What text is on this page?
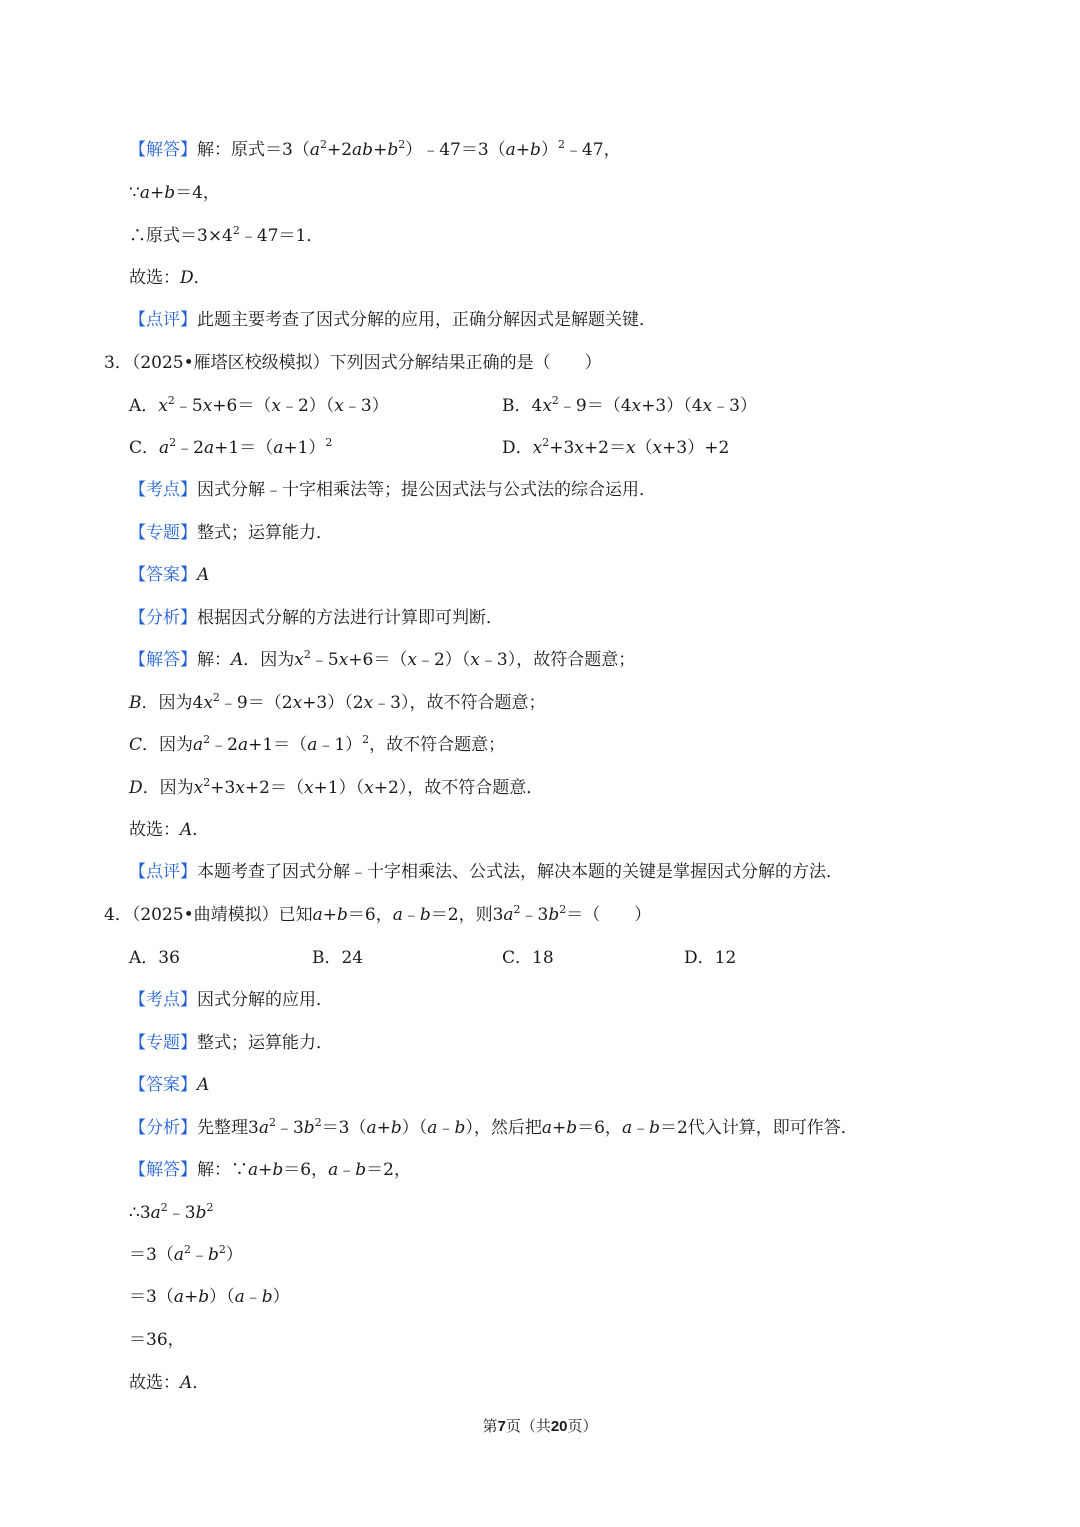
【解答】解：原式$=3(a^2+2ab+b^2)﹣47=3(a+b)^2﹣47$，
∵a+b＝4，
∴原式$=3\times 4^2﹣47=1$．
故选：D．
【点评】此题主要考查了因式分解的应用，正确分解因式是解题关键．
3．（2025•雁塔区校级模拟）下列因式分解结果正确的是（　　）
A．$x^2﹣5x+6=(x﹣2)(x﹣3)$	B．$4x^2﹣9=(4x+3)(4x﹣3)$
C．$a^2﹣2a+1=(a+1)^2$	D．$x^2+3x+2=x(x+3)+2$
【考点】因式分解﹣十字相乘法等；提公因式法与公式法的综合运用．
【专题】整式；运算能力．
【答案】A
【分析】根据因式分解的方法进行计算即可判断．
【解答】解：A．因为$x^2﹣5x+6=(x﹣2)(x﹣3)$，故符合题意；
B．因为$4x^2﹣9=(2x+3)(2x﹣3)$，故不符合题意；
C．因为$a^2﹣2a+1=(a﹣1)^2$，故不符合题意；
D．因为$x^2+3x+2=(x+1)(x+2)$，故不符合题意．
故选：A．
【点评】本题考查了因式分解﹣十字相乘法、公式法，解决本题的关键是掌握因式分解的方法．
4．（2025•曲靖模拟）已知a+b＝6，a﹣b＝2，则$3a^2﹣3b^2=$（　　）
A．36	B．24	C．18	D．12
【考点】因式分解的应用．
【专题】整式；运算能力．
【答案】A
【分析】先整理$3a^2﹣3b^2=3(a+b)(a﹣b)$，然后把a+b＝6，a﹣b＝2代入计算，即可作答．
【解答】解：∵a+b＝6，a﹣b＝2，
$\therefore 3a^2﹣3b^2$
$=3(a^2﹣b^2)$
＝3（a+b）（a﹣b）
＝36，
故选：A．
第7页（共20页）
